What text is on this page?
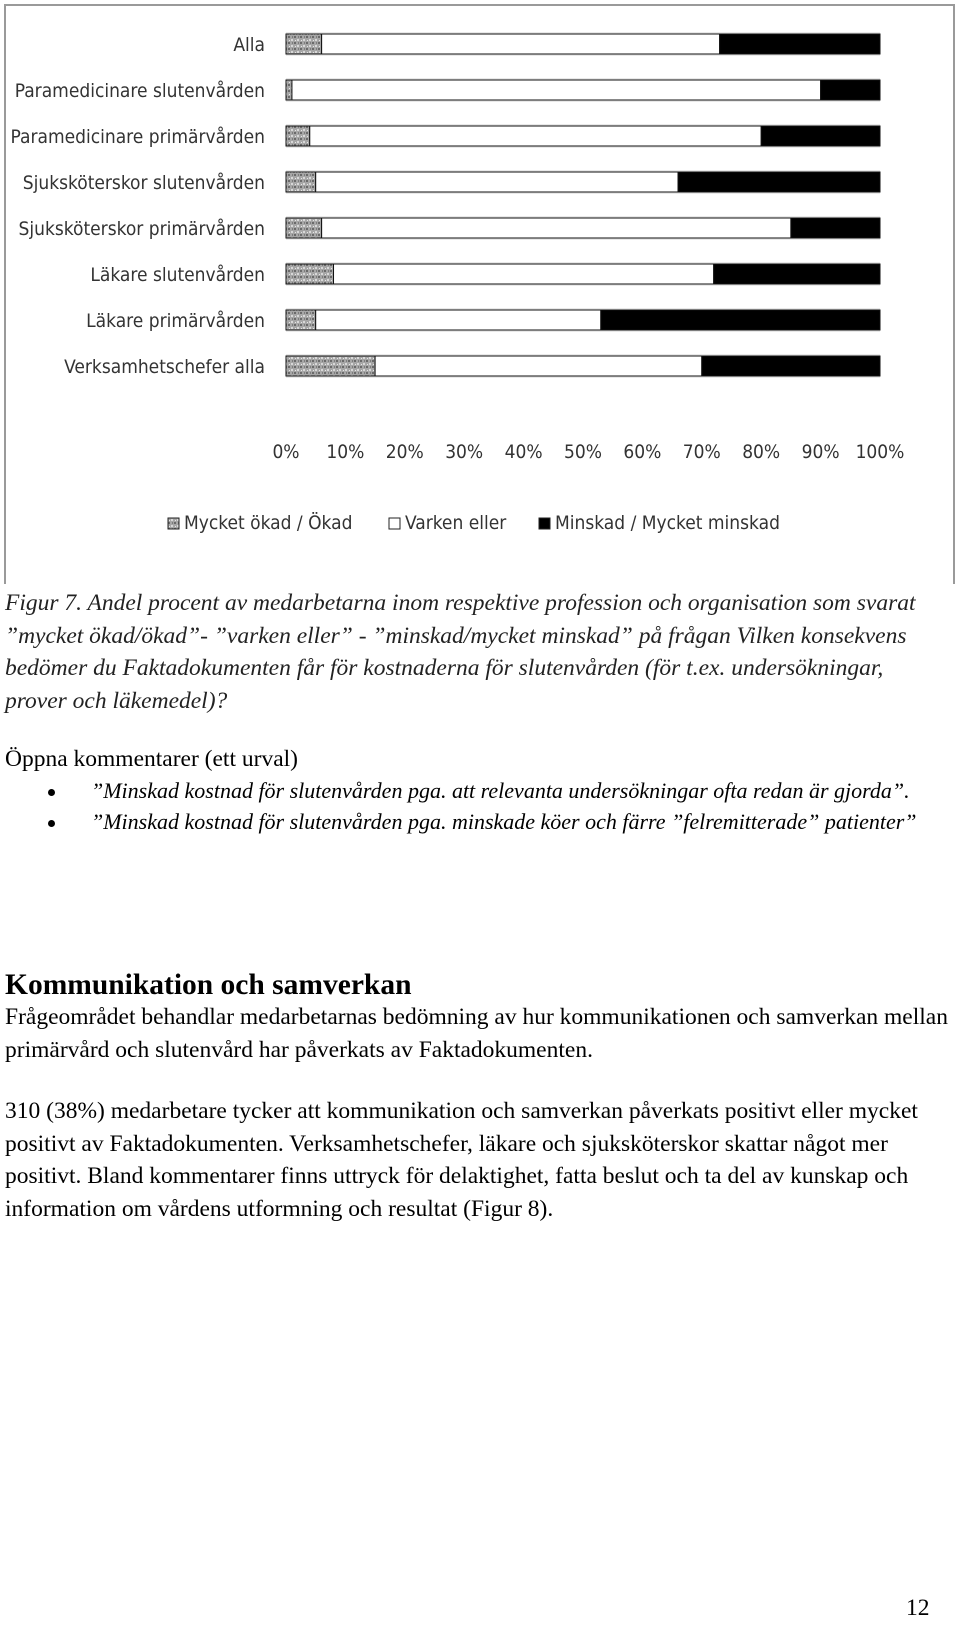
Alla
Paramedicinare slutenvården
Paramedicinare primärvården
Sjuksköterskor slutenvården
Sjuksköterskor primärvården
Läkare slutenvården
Läkare primärvården
Verksamhetschefer alla
0% 10% 20% 30% 40% 50% 60% 70% 80% 90% 100%
Mycket ökad / Ökad	Varken eller	Minskad / Mycket minskad

Figur 7. Andel procent av medarbetarna inom respektive profession och organisation som svarat ”mycket ökad/ökad”- ”varken eller” - ”minskad/mycket minskad” på frågan Vilken konsekvens bedömer du Faktadokumenten får för kostnaderna för slutenvården (för t.ex. undersökningar, prover och läkemedel)?

Öppna kommentarer (ett urval)

”Minskad kostnad för slutenvården pga. att relevanta undersökningar ofta redan är gjorda”.
”Minskad kostnad för slutenvården pga. minskade köer och färre ”felremitterade” patienter”
Kommunikation och samverkan

Frågeområdet behandlar medarbetarnas bedömning av hur kommunikationen och samverkan mellan primärvård och slutenvård har påverkats av Faktadokumenten.

310 (38%) medarbetare tycker att kommunikation och samverkan påverkats positivt eller mycket positivt av Faktadokumenten. Verksamhetschefer, läkare och sjuksköterskor skattar något mer positivt. Bland kommentarer finns uttryck för delaktighet, fatta beslut och ta del av kunskap och information om vårdens utformning och resultat (Figur 8).

12
